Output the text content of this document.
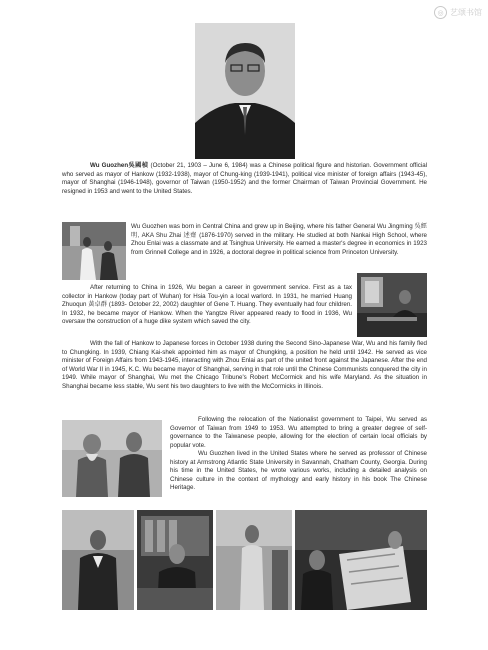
◎ 艺颂书馆
Wu Guozhen吳國楨 (October 21, 1903 – June 6, 1984) was a Chinese political figure and historian. Government official who served as mayor of Hankow (1932-1938), mayor of Chung-king (1939-1941), political vice minister of foreign affairs (1943-45), mayor of Shanghai (1946-1948), governor of Taiwan (1950-1952) and the former Chairman of Taiwan Provincial Government. He resigned in 1953 and went to the United States.
Wu Guozhen was born in Central China and grew up in Beijing, where his father General Wu Jingming 吳經明, AKA Shu Zhai 述齋 (1876-1970) served in the military. He studied at both Nankai High School, where Zhou Enlai was a classmate and at Tsinghua University. He earned a master's degree in economics in 1923 from Grinnell College and in 1926, a doctoral degree in political science from Princeton University.
After returning to China in 1926, Wu began a career in government service. First as a tax collector in Hankow (today part of Wuhan) for Hsia Tou-yin a local warlord. In 1931, he married Huang Zhuoqun 黃卓群 (1893- October 22, 2002) daughter of Gene T. Huang. They eventually had four children. In 1932, he became mayor of Hankow. When the Yangtze River appeared ready to flood in 1936, Wu oversaw the construction of a huge dike system which saved the city.
With the fall of Hankow to Japanese forces in October 1938 during the Second Sino-Japanese War, Wu and his family fled to Chungking. In 1939, Chiang Kai-shek appointed him as mayor of Chungking, a position he held until 1942. He served as vice minister of Foreign Affairs from 1943-1945, interacting with Zhou Enlai as part of the united front against the Japanese. After the end of World War II in 1945, K.C. Wu became mayor of Shanghai, serving in that role until the Chinese Communists conquered the city in 1949. While mayor of Shanghai, Wu met the Chicago Tribune's Robert McCormick and his wife Maryland. As the situation in Shanghai became less stable, Wu sent his two daughters to live with the McCormicks in Illinois.
Following the relocation of the Nationalist government to Taipei, Wu served as Governor of Taiwan from 1949 to 1953. Wu attempted to bring a greater degree of self-governance to the Taiwanese people, allowing for the election of certain local officials by popular vote.
Wu Guozhen lived in the United States where he served as professor of Chinese history at Armstrong Atlantic State University in Savannah, Chatham County, Georgia. During his time in the United States, he wrote various works, including a detailed analysis on Chinese culture in the context of mythology and early history in his book The Chinese Heritage.
